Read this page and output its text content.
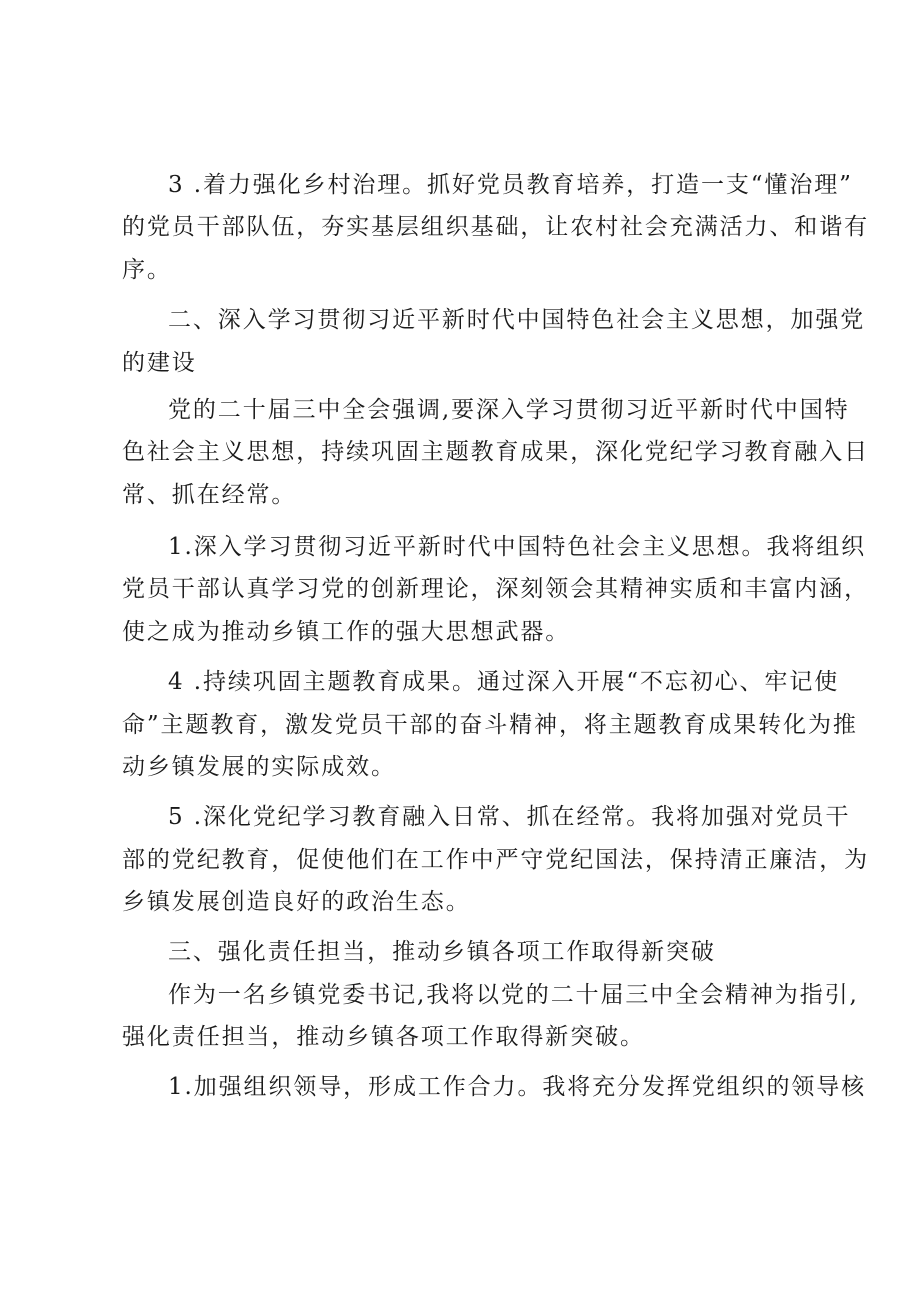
3 .着力强化乡村治理。抓好党员教育培养，打造一支“懂治理”
的党员干部队伍，夯实基层组织基础，让农村社会充满活力、和谐有
序。
二、深入学习贯彻习近平新时代中国特色社会主义思想，加强党
的建设
党的二十届三中全会强调,要深入学习贯彻习近平新时代中国特
色社会主义思想，持续巩固主题教育成果，深化党纪学习教育融入日
常、抓在经常。
1.深入学习贯彻习近平新时代中国特色社会主义思想。我将组织
党员干部认真学习党的创新理论，深刻领会其精神实质和丰富内涵，
使之成为推动乡镇工作的强大思想武器。
4 .持续巩固主题教育成果。通过深入开展“不忘初心、牢记使
命”主题教育，激发党员干部的奋斗精神，将主题教育成果转化为推
动乡镇发展的实际成效。
5 .深化党纪学习教育融入日常、抓在经常。我将加强对党员干
部的党纪教育，促使他们在工作中严守党纪国法，保持清正廉洁，为
乡镇发展创造良好的政治生态。
三、强化责任担当，推动乡镇各项工作取得新突破
作为一名乡镇党委书记,我将以党的二十届三中全会精神为指引,
强化责任担当，推动乡镇各项工作取得新突破。
1.加强组织领导，形成工作合力。我将充分发挥党组织的领导核
